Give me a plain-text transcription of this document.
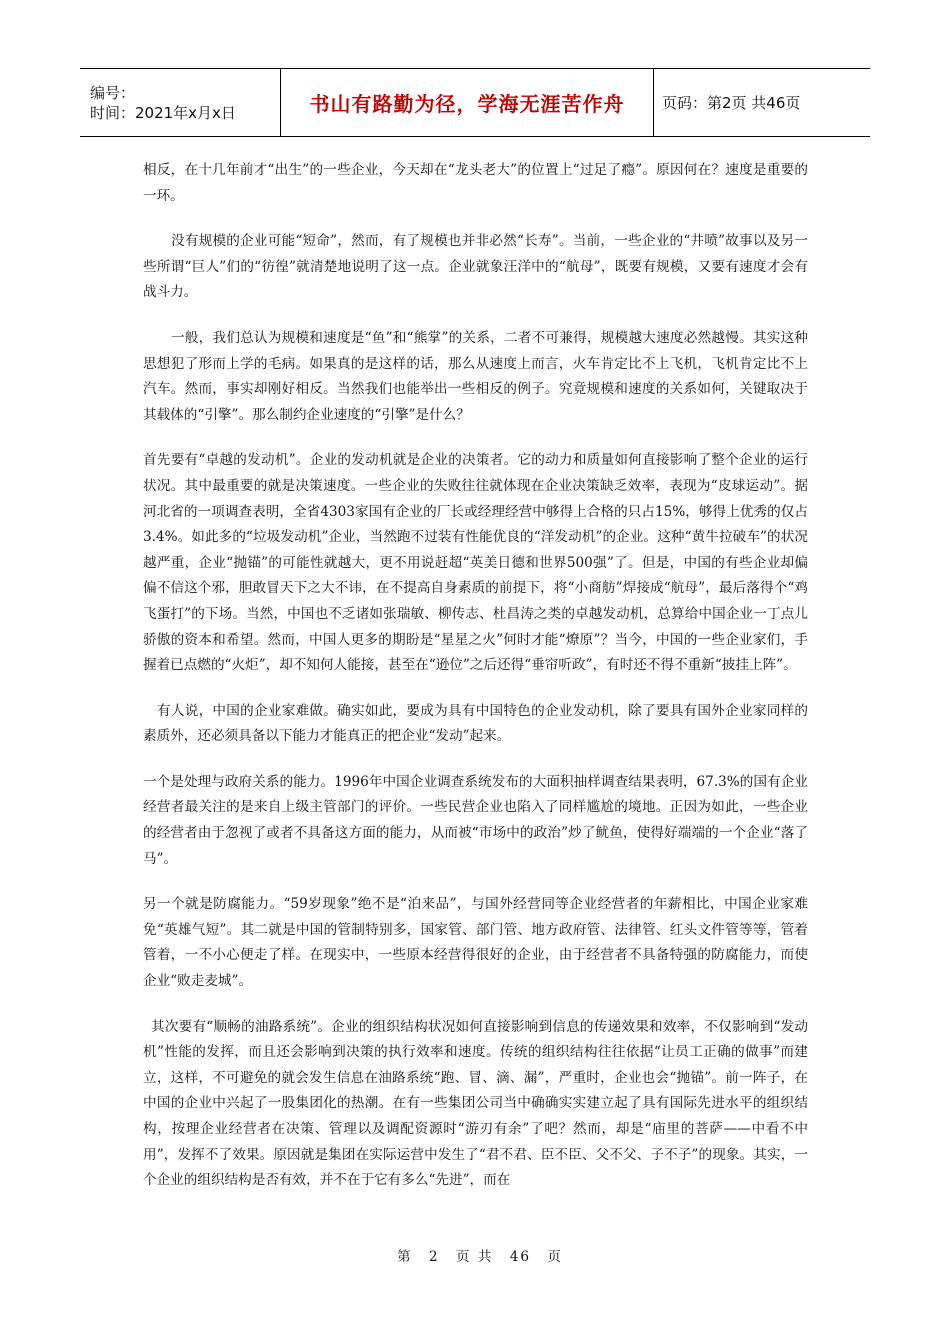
编号：
时间：2021年x月x日	书山有路勤为径，学海无涯苦作舟	页码：第2页 共46页

相反，在十几年前才“出生”的一些企业，今天却在“龙头老大”的位置上“过足了瘾”。原因何在？速度是重要的一环。

没有规模的企业可能“短命”，然而，有了规模也并非必然“长寿”。当前，一些企业的“井喷”故事以及另一些所谓“巨人”们的“彷徨”就清楚地说明了这一点。企业就象汪洋中的“航母”，既要有规模，又要有速度才会有战斗力。

一般，我们总认为规模和速度是“鱼”和“熊掌”的关系，二者不可兼得，规模越大速度必然越慢。其实这种思想犯了形而上学的毛病。如果真的是这样的话，那么从速度上而言，火车肯定比不上飞机，飞机肯定比不上汽车。然而，事实却刚好相反。当然我们也能举出一些相反的例子。究竟规模和速度的关系如何，关键取决于其载体的“引擎”。那么制约企业速度的“引擎”是什么？

首先要有“卓越的发动机”。企业的发动机就是企业的决策者。它的动力和质量如何直接影响了整个企业的运行状况。其中最重要的就是决策速度。一些企业的失败往往就体现在企业决策缺乏效率，表现为“皮球运动”。据河北省的一项调查表明，全省4303家国有企业的厂长或经理经营中够得上合格的只占15%，够得上优秀的仅占3.4%。如此多的“垃圾发动机”企业，当然跑不过装有性能优良的“洋发动机”的企业。这种“黄牛拉破车”的状况越严重，企业“抛锚”的可能性就越大，更不用说赶超“英美日德和世界500强”了。但是，中国的有些企业却偏偏不信这个邪，胆敢冒天下之大不讳，在不提高自身素质的前提下，将“小商舫”焊接成“航母”，最后落得个“鸡飞蛋打”的下场。当然，中国也不乏诸如张瑞敏、柳传志、杜昌涛之类的卓越发动机，总算给中国企业一丁点儿骄傲的资本和希望。然而，中国人更多的期盼是“星星之火”何时才能“燎原”？当今，中国的一些企业家们，手握着已点燃的“火炬”，却不知何人能接，甚至在“逊位”之后还得“垂帘听政”，有时还不得不重新“披挂上阵”。

有人说，中国的企业家难做。确实如此，要成为具有中国特色的企业发动机，除了要具有国外企业家同样的素质外，还必须具备以下能力才能真正的把企业“发动”起来。

一个是处理与政府关系的能力。1996年中国企业调查系统发布的大面积抽样调查结果表明，67.3%的国有企业经营者最关注的是来自上级主管部门的评价。一些民营企业也陷入了同样尴尬的境地。正因为如此，一些企业的经营者由于忽视了或者不具备这方面的能力，从而被“市场中的政治”炒了鱿鱼，使得好端端的一个企业“落了马”。

另一个就是防腐能力。“59岁现象”绝不是“泊来品”，与国外经营同等企业经营者的年薪相比，中国企业家难免“英雄气短”。其二就是中国的管制特别多，国家管、部门管、地方政府管、法律管、红头文件管等等，管着管着，一不小心便走了样。在现实中，一些原本经营得很好的企业，由于经营者不具备特强的防腐能力，而使企业“败走麦城”。

其次要有“顺畅的油路系统”。企业的组织结构状况如何直接影响到信息的传递效果和效率，不仅影响到“发动机”性能的发挥，而且还会影响到决策的执行效率和速度。传统的组织结构往往依据“让员工正确的做事”而建立，这样，不可避免的就会发生信息在油路系统“跑、冒、滴、漏”，严重时，企业也会“抛锚”。前一阵子，在中国的企业中兴起了一股集团化的热潮。在有一些集团公司当中确确实实建立起了具有国际先进水平的组织结构，按理企业经营者在决策、管理以及调配资源时“游刃有余”了吧？然而，却是“庙里的菩萨——中看不中用”，发挥不了效果。原因就是集团在实际运营中发生了“君不君、臣不臣、父不父、子不子”的现象。其实，一个企业的组织结构是否有效，并不在于它有多么“先进”，而在

第 2 页 共 46 页
